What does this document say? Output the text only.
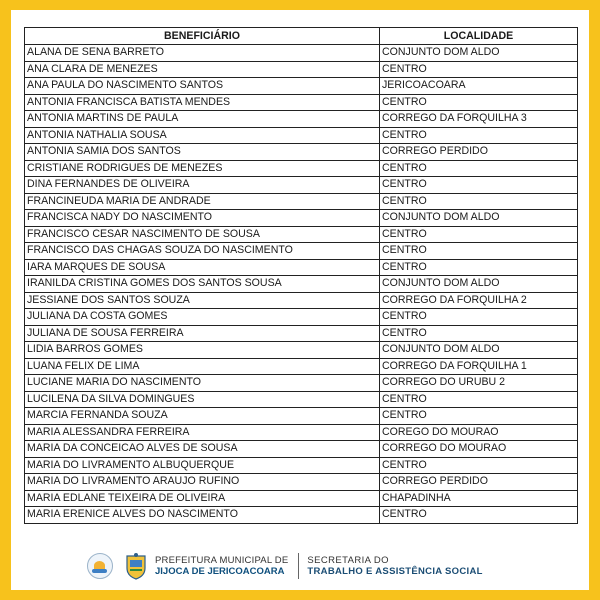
BENEFICIÁRIO	LOCALIDADE
ALANA DE SENA BARRETO	CONJUNTO DOM ALDO
ANA CLARA DE MENEZES	CENTRO
ANA PAULA DO NASCIMENTO SANTOS	JERICOACOARA
ANTONIA FRANCISCA BATISTA MENDES	CENTRO
ANTONIA MARTINS DE PAULA	CORREGO DA FORQUILHA 3
ANTONIA NATHALIA SOUSA	CENTRO
ANTONIA SAMIA DOS SANTOS	CORREGO PERDIDO
CRISTIANE RODRIGUES DE MENEZES	CENTRO
DINA FERNANDES DE OLIVEIRA	CENTRO
FRANCINEUDA MARIA DE ANDRADE	CENTRO
FRANCISCA NADY DO NASCIMENTO	CONJUNTO DOM ALDO
FRANCISCO CESAR NASCIMENTO DE SOUSA	CENTRO
FRANCISCO DAS CHAGAS SOUZA DO NASCIMENTO	CENTRO
IARA MARQUES DE SOUSA	CENTRO
IRANILDA CRISTINA GOMES DOS SANTOS SOUSA	CONJUNTO DOM ALDO
JESSIANE DOS SANTOS SOUZA	CORREGO DA FORQUILHA 2
JULIANA DA COSTA GOMES	CENTRO
JULIANA DE SOUSA FERREIRA	CENTRO
LIDIA BARROS GOMES	CONJUNTO DOM ALDO
LUANA FELIX DE LIMA	CORREGO DA FORQUILHA 1
LUCIANE MARIA DO NASCIMENTO	CORREGO DO URUBU 2
LUCILENA DA SILVA DOMINGUES	CENTRO
MARCIA FERNANDA SOUZA	CENTRO
MARIA ALESSANDRA FERREIRA	COREGO DO MOURAO
MARIA DA CONCEICAO ALVES DE SOUSA	CORREGO DO MOURAO
MARIA DO LIVRAMENTO ALBUQUERQUE	CENTRO
MARIA DO LIVRAMENTO ARAUJO RUFINO	CORREGO PERDIDO
MARIA EDLANE TEIXEIRA DE OLIVEIRA	CHAPADINHA
MARIA ERENICE ALVES DO NASCIMENTO	CENTRO
PREFEITURA MUNICIPAL DE
JIJOCA DE JERICOACOARA
SECRETARIA DO
TRABALHO E ASSISTÊNCIA SOCIAL
